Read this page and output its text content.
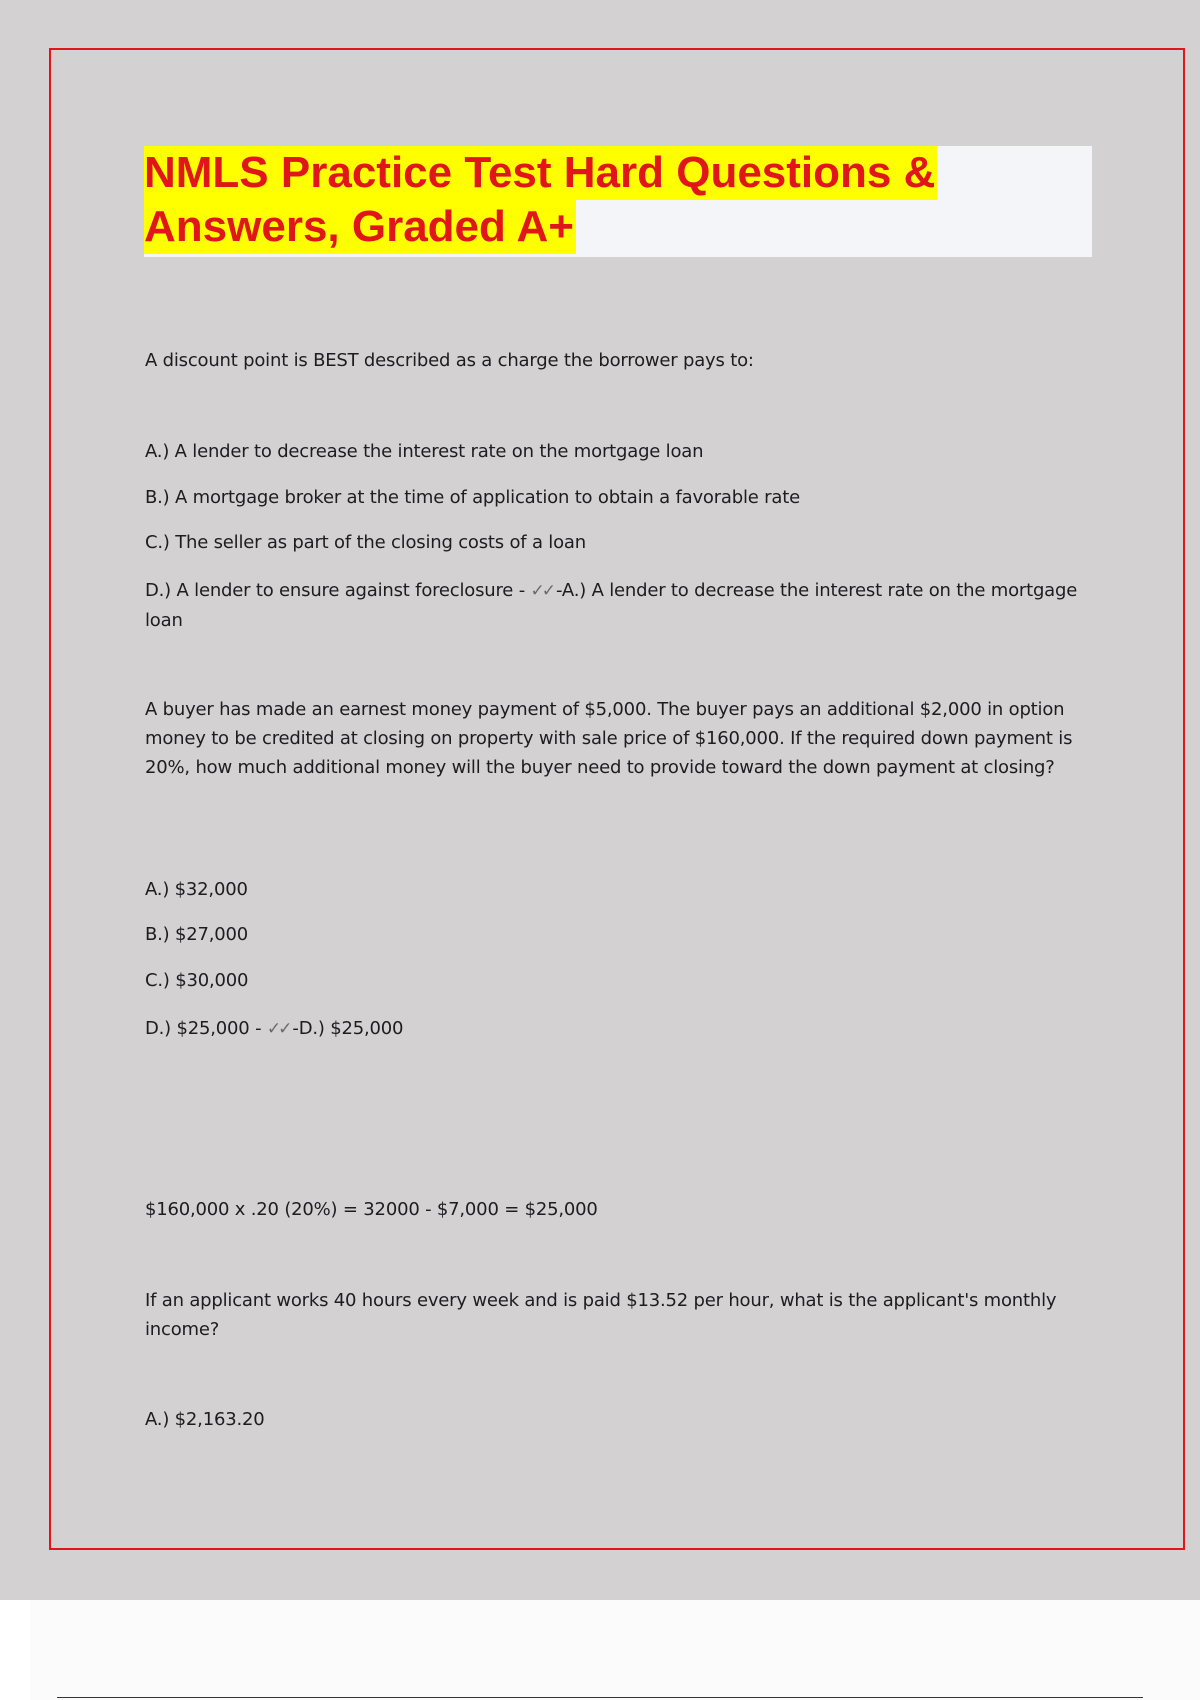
NMLS Practice Test Hard Questions &
Answers, Graded A+

A discount point is BEST described as a charge the borrower pays to:

A.) A lender to decrease the interest rate on the mortgage loan

B.) A mortgage broker at the time of application to obtain a favorable rate

C.) The seller as part of the closing costs of a loan

D.) A lender to ensure against foreclosure - ✓✓ -A.) A lender to decrease the interest rate on the mortgage loan

A buyer has made an earnest money payment of $5,000. The buyer pays an additional $2,000 in option money to be credited at closing on property with sale price of $160,000. If the required down payment is 20%, how much additional money will the buyer need to provide toward the down payment at closing?

A.) $32,000

B.) $27,000

C.) $30,000

D.) $25,000 - ✓✓ -D.) $25,000

$160,000 x .20 (20%) = 32000 - $7,000 = $25,000

If an applicant works 40 hours every week and is paid $13.52 per hour, what is the applicant's monthly income?

A.) $2,163.20
